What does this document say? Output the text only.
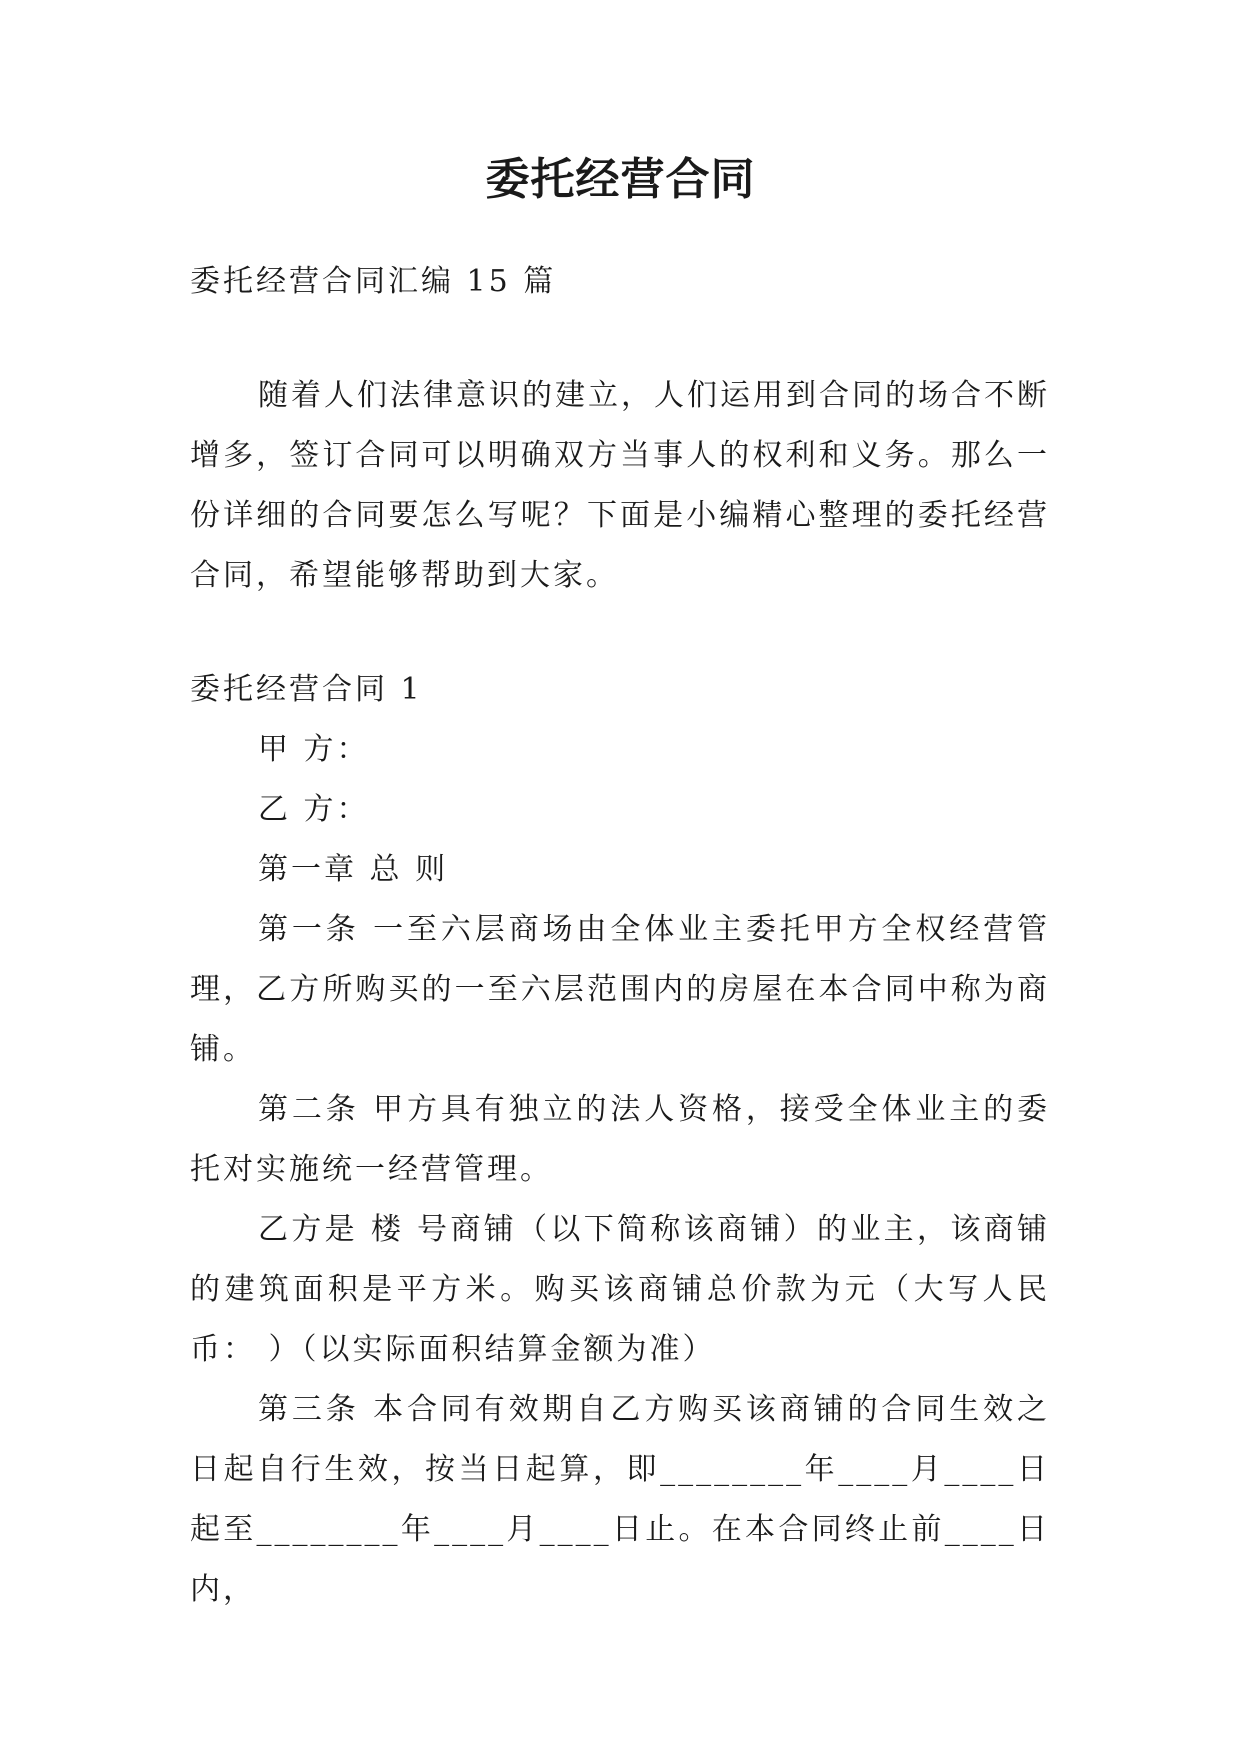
委托经营合同

委托经营合同汇编 15 篇

随着人们法律意识的建立，人们运用到合同的场合不断增多，签订合同可以明确双方当事人的权利和义务。那么一份详细的合同要怎么写呢？下面是小编精心整理的委托经营合同，希望能够帮助到大家。

委托经营合同 1

甲 方：

乙 方：

第一章 总 则

第一条 一至六层商场由全体业主委托甲方全权经营管理，乙方所购买的一至六层范围内的房屋在本合同中称为商铺。

第二条 甲方具有独立的法人资格，接受全体业主的委托对实施统一经营管理。

乙方是 楼 号商铺（以下简称该商铺）的业主，该商铺的建筑面积是平方米。购买该商铺总价款为元（大写人民币： ）（以实际面积结算金额为准）

第三条 本合同有效期自乙方购买该商铺的合同生效之日起自行生效，按当日起算，即________年____月____日起至________年____月____日止。在本合同终止前____日内，
